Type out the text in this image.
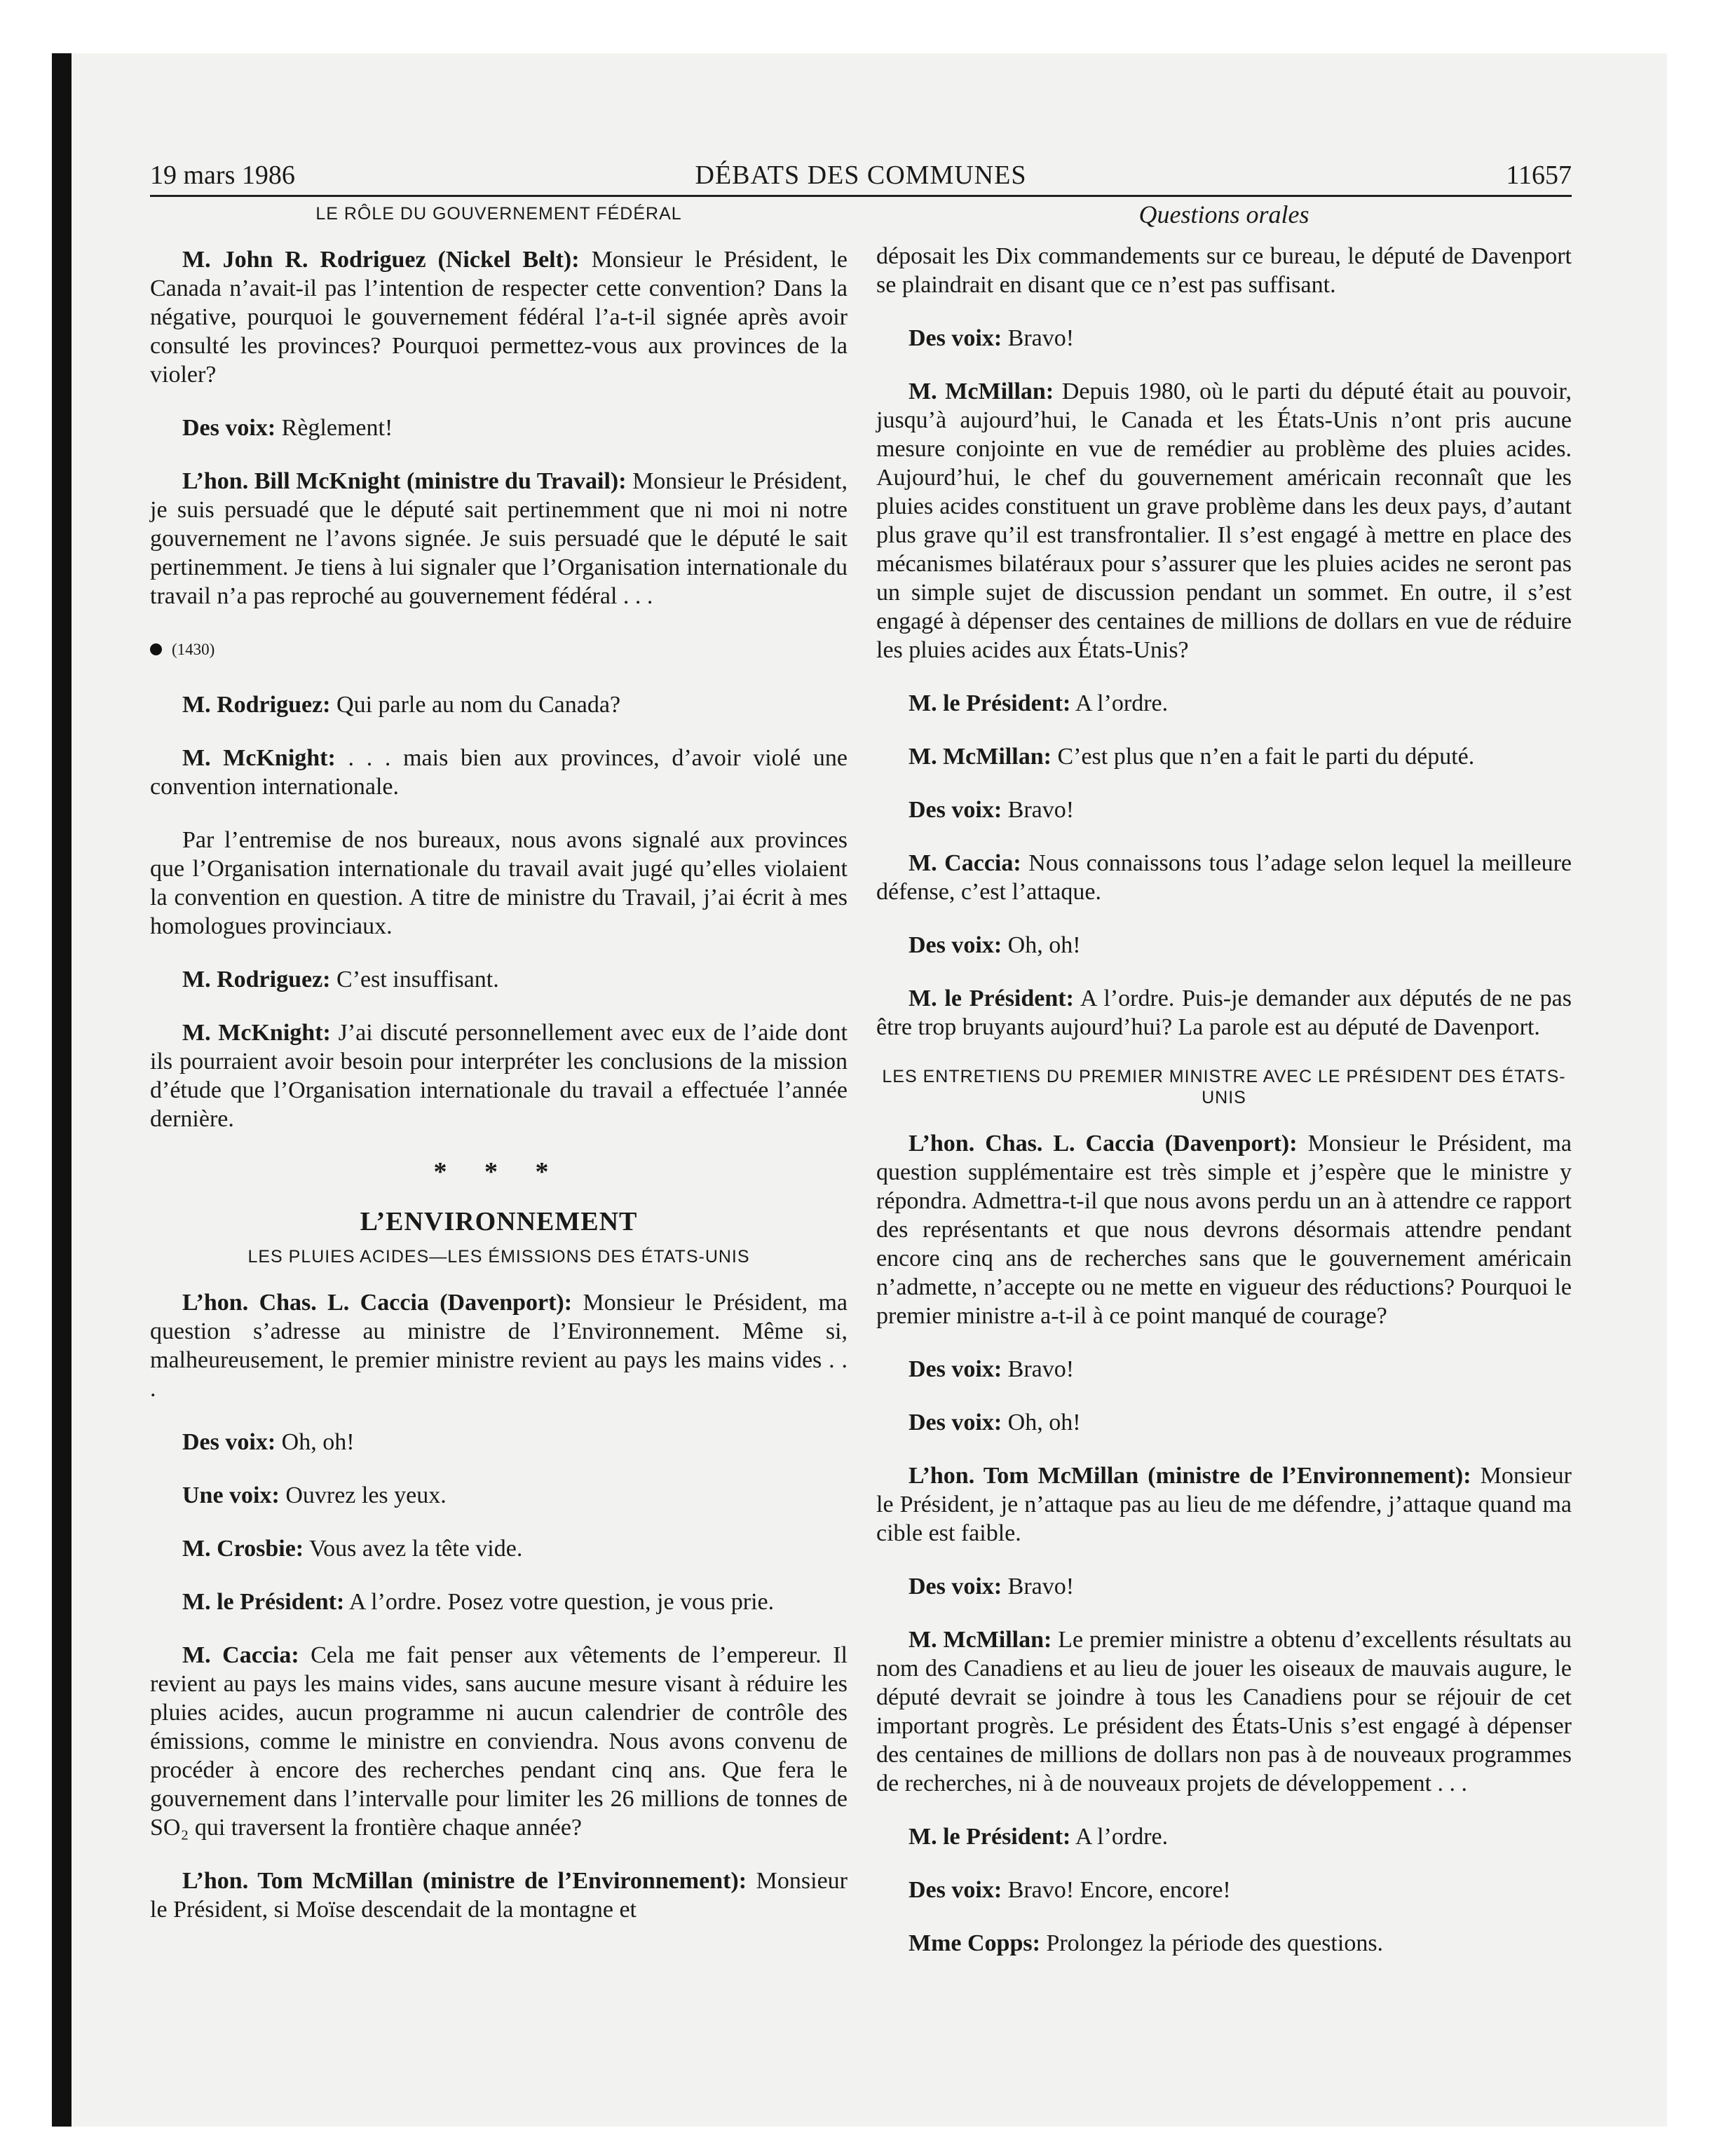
19 mars 1986	DÉBATS DES COMMUNES	11657
LE RÔLE DU GOUVERNEMENT FÉDÉRAL

M. John R. Rodriguez (Nickel Belt): Monsieur le Président, le Canada n’avait-il pas l’intention de respecter cette convention? Dans la négative, pourquoi le gouvernement fédéral l’a-t-il signée après avoir consulté les provinces? Pourquoi permettez-vous aux provinces de la violer?

Des voix: Règlement!

L’hon. Bill McKnight (ministre du Travail): Monsieur le Président, je suis persuadé que le député sait pertinemment que ni moi ni notre gouvernement ne l’avons signée. Je suis persuadé que le député le sait pertinemment. Je tiens à lui signaler que l’Organisation internationale du travail n’a pas reproché au gouvernement fédéral . . .

(1430)

M. Rodriguez: Qui parle au nom du Canada?

M. McKnight: . . . mais bien aux provinces, d’avoir violé une convention internationale.

Par l’entremise de nos bureaux, nous avons signalé aux provinces que l’Organisation internationale du travail avait jugé qu’elles violaient la convention en question. A titre de ministre du Travail, j’ai écrit à mes homologues provinciaux.

M. Rodriguez: C’est insuffisant.

M. McKnight: J’ai discuté personnellement avec eux de l’aide dont ils pourraient avoir besoin pour interpréter les conclusions de la mission d’étude que l’Organisation internationale du travail a effectuée l’année dernière.

* * *
L’ENVIRONNEMENT
LES PLUIES ACIDES—LES ÉMISSIONS DES ÉTATS-UNIS

L’hon. Chas. L. Caccia (Davenport): Monsieur le Président, ma question s’adresse au ministre de l’Environnement. Même si, malheureusement, le premier ministre revient au pays les mains vides . . .

Des voix: Oh, oh!

Une voix: Ouvrez les yeux.

M. Crosbie: Vous avez la tête vide.

M. le Président: A l’ordre. Posez votre question, je vous prie.

M. Caccia: Cela me fait penser aux vêtements de l’empereur. Il revient au pays les mains vides, sans aucune mesure visant à réduire les pluies acides, aucun programme ni aucun calendrier de contrôle des émissions, comme le ministre en conviendra. Nous avons convenu de procéder à encore des recherches pendant cinq ans. Que fera le gouvernement dans l’intervalle pour limiter les 26 millions de tonnes de SO₂ qui traversent la frontière chaque année?

L’hon. Tom McMillan (ministre de l’Environnement): Monsieur le Président, si Moïse descendait de la montagne et

Questions orales

déposait les Dix commandements sur ce bureau, le député de Davenport se plaindrait en disant que ce n’est pas suffisant.

Des voix: Bravo!

M. McMillan: Depuis 1980, où le parti du député était au pouvoir, jusqu’à aujourd’hui, le Canada et les États-Unis n’ont pris aucune mesure conjointe en vue de remédier au problème des pluies acides. Aujourd’hui, le chef du gouvernement américain reconnaît que les pluies acides constituent un grave problème dans les deux pays, d’autant plus grave qu’il est transfrontalier. Il s’est engagé à mettre en place des mécanismes bilatéraux pour s’assurer que les pluies acides ne seront pas un simple sujet de discussion pendant un sommet. En outre, il s’est engagé à dépenser des centaines de millions de dollars en vue de réduire les pluies acides aux États-Unis?

M. le Président: A l’ordre.

M. McMillan: C’est plus que n’en a fait le parti du député.

Des voix: Bravo!

M. Caccia: Nous connaissons tous l’adage selon lequel la meilleure défense, c’est l’attaque.

Des voix: Oh, oh!

M. le Président: A l’ordre. Puis-je demander aux députés de ne pas être trop bruyants aujourd’hui? La parole est au député de Davenport.

LES ENTRETIENS DU PREMIER MINISTRE AVEC LE PRÉSIDENT DES ÉTATS-UNIS

L’hon. Chas. L. Caccia (Davenport): Monsieur le Président, ma question supplémentaire est très simple et j’espère que le ministre y répondra. Admettra-t-il que nous avons perdu un an à attendre ce rapport des représentants et que nous devrons désormais attendre pendant encore cinq ans de recherches sans que le gouvernement américain n’admette, n’accepte ou ne mette en vigueur des réductions? Pourquoi le premier ministre a-t-il à ce point manqué de courage?

Des voix: Bravo!

Des voix: Oh, oh!

L’hon. Tom McMillan (ministre de l’Environnement): Monsieur le Président, je n’attaque pas au lieu de me défendre, j’attaque quand ma cible est faible.

Des voix: Bravo!

M. McMillan: Le premier ministre a obtenu d’excellents résultats au nom des Canadiens et au lieu de jouer les oiseaux de mauvais augure, le député devrait se joindre à tous les Canadiens pour se réjouir de cet important progrès. Le président des États-Unis s’est engagé à dépenser des centaines de millions de dollars non pas à de nouveaux programmes de recherches, ni à de nouveaux projets de développement . . .

M. le Président: A l’ordre.

Des voix: Bravo! Encore, encore!

Mme Copps: Prolongez la période des questions.
